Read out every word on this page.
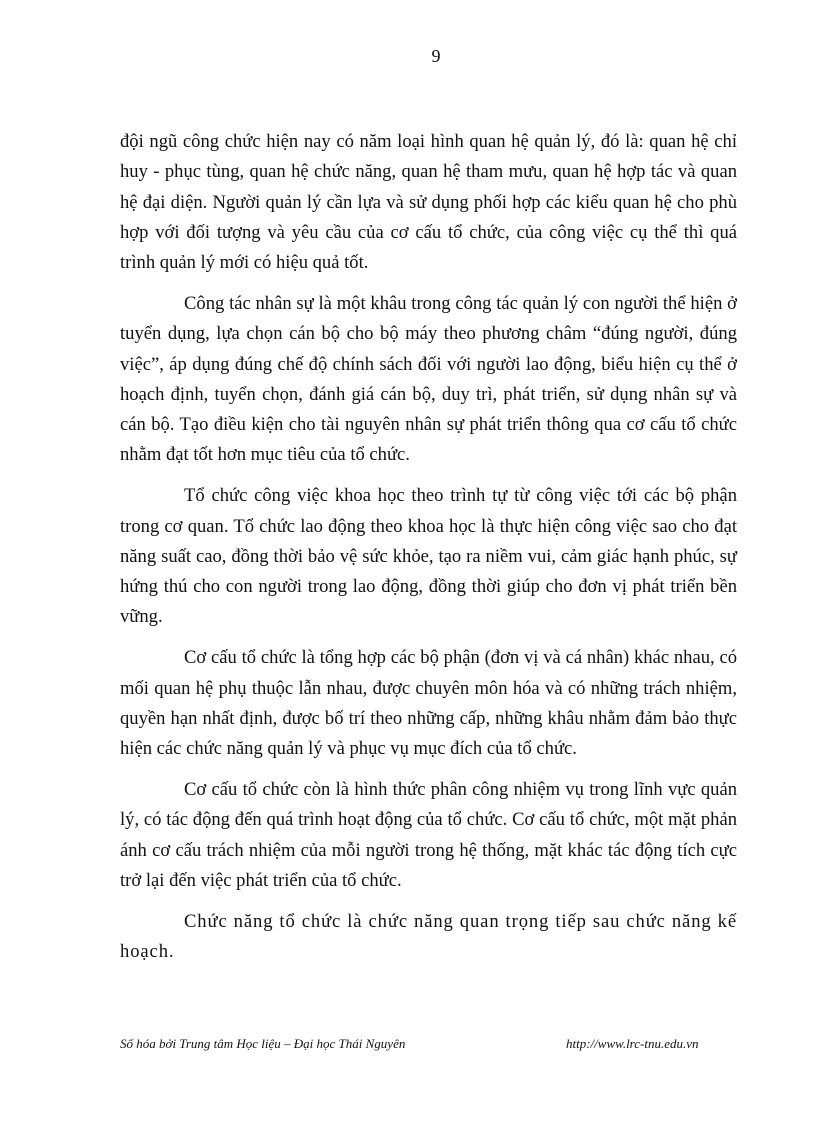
9

đội ngũ công chức hiện nay có năm loại hình quan hệ quản lý, đó là: quan hệ chỉ huy - phục tùng, quan hệ chức năng, quan hệ tham mưu, quan hệ hợp tác và quan hệ đại diện. Người quản lý cần lựa và sử dụng phối hợp các kiểu quan hệ cho phù hợp với đối tượng và yêu cầu của cơ cấu tổ chức, của công việc cụ thể thì quá trình quản lý mới có hiệu quả tốt.

Công tác nhân sự là một khâu trong công tác quản lý con người thể hiện ở tuyển dụng, lựa chọn cán bộ cho bộ máy theo phương châm “đúng người, đúng việc”, áp dụng đúng chế độ chính sách đối với người lao động, biểu hiện cụ thể ở hoạch định, tuyển chọn, đánh giá cán bộ, duy trì, phát triển, sử dụng nhân sự và cán bộ. Tạo điều kiện cho tài nguyên nhân sự phát triển thông qua cơ cấu tổ chức nhằm đạt tốt hơn mục tiêu của tổ chức.

Tổ chức công việc khoa học theo trình tự từ công việc tới các bộ phận trong cơ quan. Tổ chức lao động theo khoa học là thực hiện công việc sao cho đạt năng suất cao, đồng thời bảo vệ sức khỏe, tạo ra niềm vui, cảm giác hạnh phúc, sự hứng thú cho con người trong lao động, đồng thời giúp cho đơn vị phát triển bền vững.

Cơ cấu tổ chức là tổng hợp các bộ phận (đơn vị và cá nhân) khác nhau, có mối quan hệ phụ thuộc lẫn nhau, được chuyên môn hóa và có những trách nhiệm, quyền hạn nhất định, được bố trí theo những cấp, những khâu nhằm đảm bảo thực hiện các chức năng quản lý và phục vụ mục đích của tổ chức.

Cơ cấu tổ chức còn là hình thức phân công nhiệm vụ trong lĩnh vực quản lý, có tác động đến quá trình hoạt động của tổ chức. Cơ cấu tổ chức, một mặt phản ánh cơ cấu trách nhiệm của mỗi người trong hệ thống, mặt khác tác động tích cực trở lại đến việc phát triển của tổ chức.

Chức năng tổ chức là chức năng quan trọng tiếp sau chức năng kế hoạch.

Số hóa bởi Trung tâm Học liệu – Đại học Thái Nguyên	http://www.lrc-tnu.edu.vn
